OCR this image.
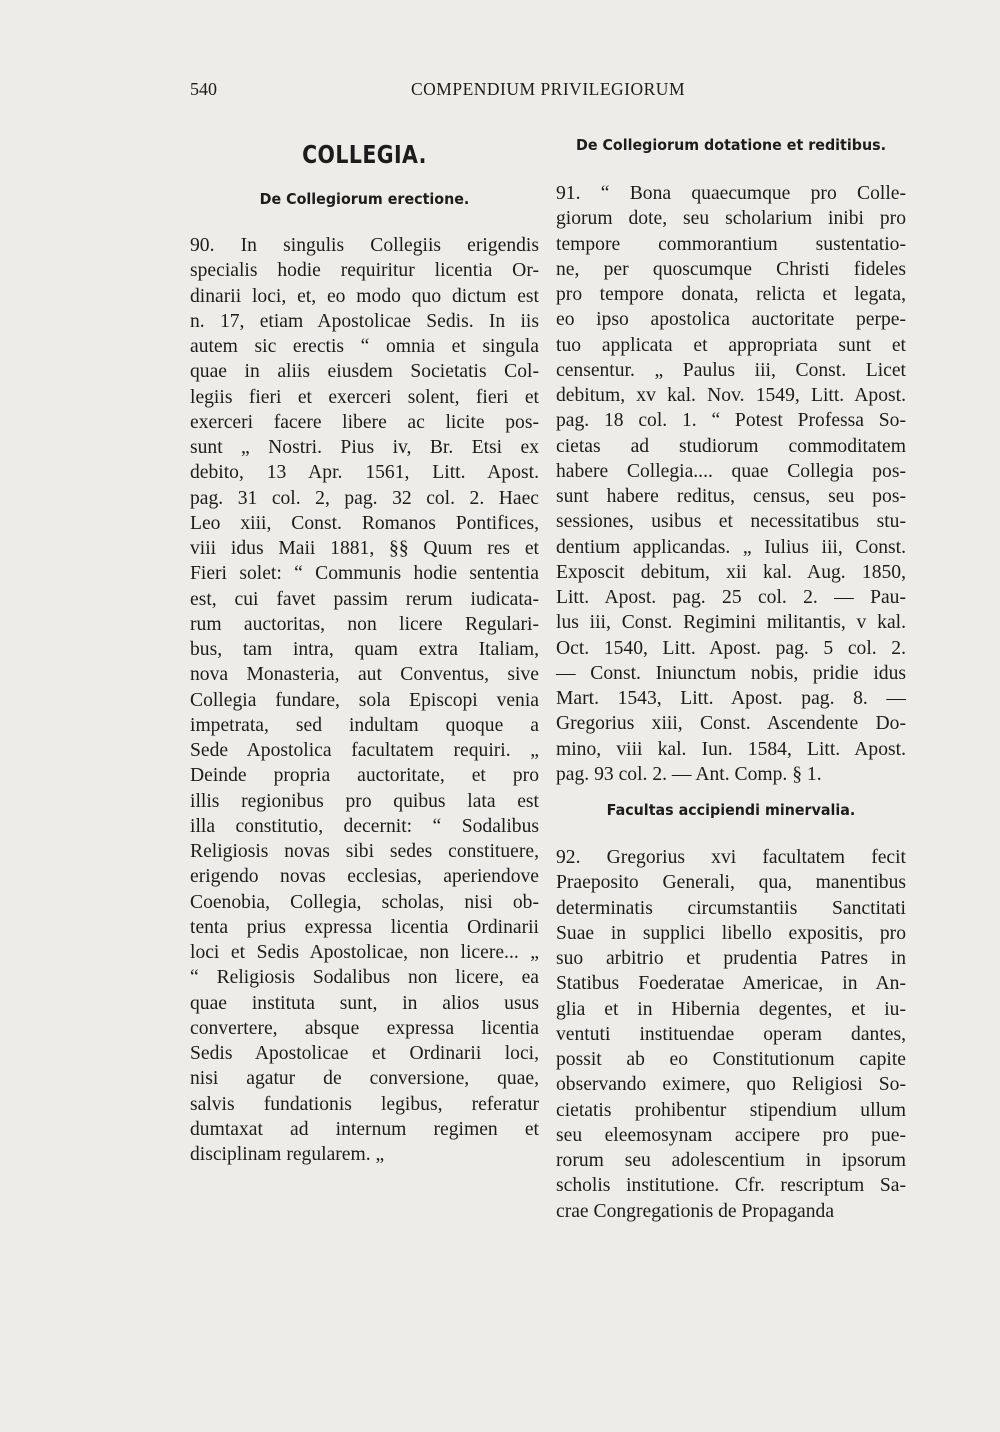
540	COMPENDIUM PRIVILEGIORUM
COLLEGIA.
De Collegiorum erectione.
90. In singulis Collegiis erigendis
specialis hodie requiritur licentia Or-
dinarii loci, et, eo modo quo dictum est
n. 17, etiam Apostolicae Sedis. In iis
autem sic erectis “ omnia et singula
quae in aliis eiusdem Societatis Col-
legiis fieri et exerceri solent, fieri et
exerceri facere libere ac licite pos-
sunt „ Nostri. Pius iv, Br. Etsi ex
debito, 13 Apr. 1561, Litt. Apost.
pag. 31 col. 2, pag. 32 col. 2. Haec
Leo xiii, Const. Romanos Pontifices,
viii idus Maii 1881, §§ Quum res et
Fieri solet: “ Communis hodie sententia
est, cui favet passim rerum iudicata-
rum auctoritas, non licere Regulari-
bus, tam intra, quam extra Italiam,
nova Monasteria, aut Conventus, sive
Collegia fundare, sola Episcopi venia
impetrata, sed indultam quoque a
Sede Apostolica facultatem requiri. „
Deinde propria auctoritate, et pro
illis regionibus pro quibus lata est
illa constitutio, decernit: “ Sodalibus
Religiosis novas sibi sedes constituere,
erigendo novas ecclesias, aperiendove
Coenobia, Collegia, scholas, nisi ob-
tenta prius expressa licentia Ordinarii
loci et Sedis Apostolicae, non licere... „
“ Religiosis Sodalibus non licere, ea
quae instituta sunt, in alios usus
convertere, absque expressa licentia
Sedis Apostolicae et Ordinarii loci,
nisi agatur de conversione, quae,
salvis fundationis legibus, referatur
dumtaxat ad internum regimen et
disciplinam regularem. „
De Collegiorum dotatione et reditibus.
91. “ Bona quaecumque pro Colle-
giorum dote, seu scholarium inibi pro
tempore commorantium sustentatio-
ne, per quoscumque Christi fideles
pro tempore donata, relicta et legata,
eo ipso apostolica auctoritate perpe-
tuo applicata et appropriata sunt et
censentur. „ Paulus iii, Const. Licet
debitum, xv kal. Nov. 1549, Litt. Apost.
pag. 18 col. 1. “ Potest Professa So-
cietas ad studiorum commoditatem
habere Collegia.... quae Collegia pos-
sunt habere reditus, census, seu pos-
sessiones, usibus et necessitatibus stu-
dentium applicandas. „ Iulius iii, Const.
Exposcit debitum, xii kal. Aug. 1850,
Litt. Apost. pag. 25 col. 2. — Pau-
lus iii, Const. Regimini militantis, v kal.
Oct. 1540, Litt. Apost. pag. 5 col. 2.
— Const. Iniunctum nobis, pridie idus
Mart. 1543, Litt. Apost. pag. 8. —
Gregorius xiii, Const. Ascendente Do-
mino, viii kal. Iun. 1584, Litt. Apost.
pag. 93 col. 2. — Ant. Comp. § 1.
Facultas accipiendi minervalia.
92. Gregorius xvi facultatem fecit
Praeposito Generali, qua, manentibus
determinatis circumstantiis Sanctitati
Suae in supplici libello expositis, pro
suo arbitrio et prudentia Patres in
Statibus Foederatae Americae, in An-
glia et in Hibernia degentes, et iu-
ventuti instituendae operam dantes,
possit ab eo Constitutionum capite
observando eximere, quo Religiosi So-
cietatis prohibentur stipendium ullum
seu eleemosynam accipere pro pue-
rorum seu adolescentium in ipsorum
scholis institutione. Cfr. rescriptum Sa-
crae Congregationis de Propaganda
